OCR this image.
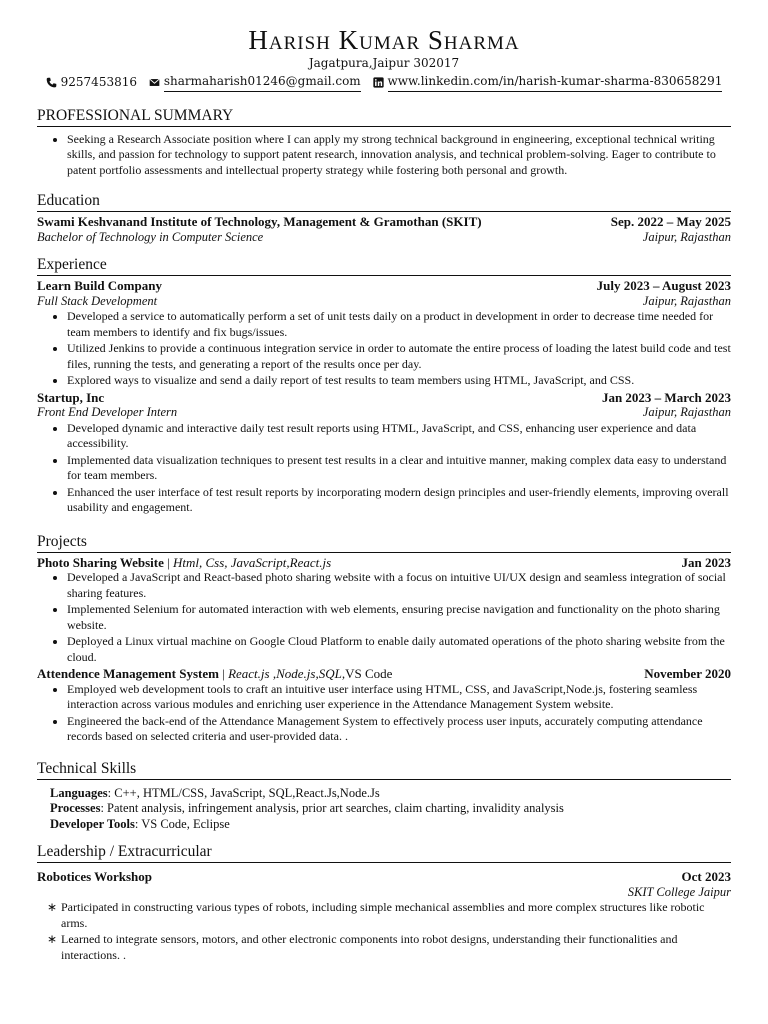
Harish Kumar Sharma
Jagatpura,Jaipur 302017
9257453816
sharmaharish01246@gmail.com
www.linkedin.com/in/harish-kumar-sharma-830658291
PROFESSIONAL SUMMARY
• Seeking a Research Associate position where I can apply my strong technical background in engineering, exceptional technical writing skills, and passion for technology to support patent research, innovation analysis, and technical problem-solving. Eager to contribute to patent portfolio assessments and intellectual property strategy while fostering both personal and growth.
Education
Swami Keshvanand Institute of Technology, Management & Gramothan (SKIT)	Sep. 2022 – May 2025
Bachelor of Technology in Computer Science	Jaipur, Rajasthan
Experience
Learn Build Company	July 2023 – August 2023
Full Stack Development	Jaipur, Rajasthan
• Developed a service to automatically perform a set of unit tests daily on a product in development in order to decrease time needed for team members to identify and fix bugs/issues.
• Utilized Jenkins to provide a continuous integration service in order to automate the entire process of loading the latest build code and test files, running the tests, and generating a report of the results once per day.
• Explored ways to visualize and send a daily report of test results to team members using HTML, JavaScript, and CSS.
Startup, Inc	Jan 2023 – March 2023
Front End Developer Intern	Jaipur, Rajasthan
• Developed dynamic and interactive daily test result reports using HTML, JavaScript, and CSS, enhancing user experience and data accessibility.
• Implemented data visualization techniques to present test results in a clear and intuitive manner, making complex data easy to understand for team members.
• Enhanced the user interface of test result reports by incorporating modern design principles and user-friendly elements, improving overall usability and engagement.
Projects
Photo Sharing Website | Html, Css, JavaScript,React.js	Jan 2023
• Developed a JavaScript and React-based photo sharing website with a focus on intuitive UI/UX design and seamless integration of social sharing features.
• Implemented Selenium for automated interaction with web elements, ensuring precise navigation and functionality on the photo sharing website.
• Deployed a Linux virtual machine on Google Cloud Platform to enable daily automated operations of the photo sharing website from the cloud.
Attendence Management System | React.js ,Node.js,SQL,VS Code	November 2020
• Employed web development tools to craft an intuitive user interface using HTML, CSS, and JavaScript,Node.js, fostering seamless interaction across various modules and enriching user experience in the Attendance Management System website.
• Engineered the back-end of the Attendance Management System to effectively process user inputs, accurately computing attendance records based on selected criteria and user-provided data. .
Technical Skills
Languages: C++, HTML/CSS, JavaScript, SQL,React.Js,Node.Js
Processes: Patent analysis, infringement analysis, prior art searches, claim charting, invalidity analysis
Developer Tools: VS Code, Eclipse
Leadership / Extracurricular
Robotices Workshop	Oct 2023
SKIT College Jaipur
∗ Participated in constructing various types of robots, including simple mechanical assemblies and more complex structures like robotic arms.
∗ Learned to integrate sensors, motors, and other electronic components into robot designs, understanding their functionalities and interactions. .
